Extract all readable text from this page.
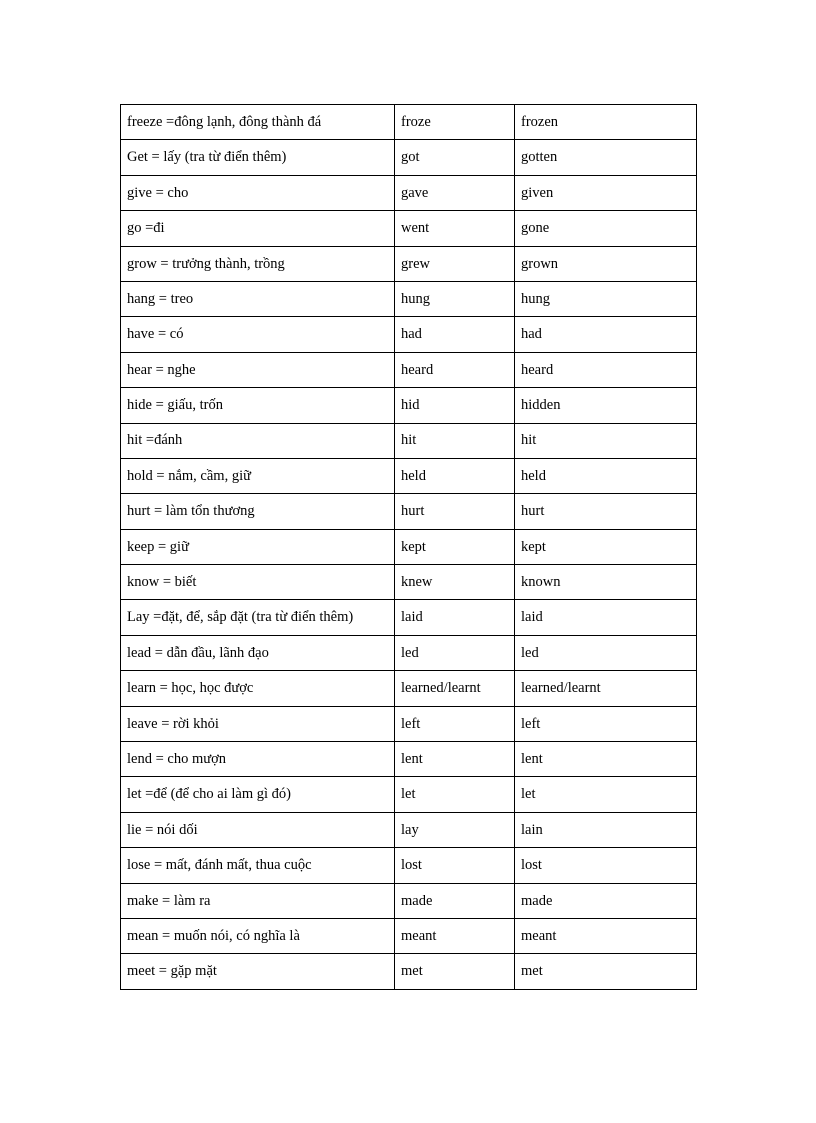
freeze =đông lạnh, đông thành đá	froze	frozen
Get = lấy (tra từ điển thêm)	got	gotten
give = cho	gave	given
go =đi	went	gone
grow = trưởng thành, trồng	grew	grown
hang = treo	hung	hung
have = có	had	had
hear = nghe	heard	heard
hide = giấu, trốn	hid	hidden
hit =đánh	hit	hit
hold = nắm, cầm, giữ	held	held
hurt = làm tổn thương	hurt	hurt
keep = giữ	kept	kept
know = biết	knew	known
Lay =đặt, để, sắp đặt (tra từ điển thêm)	laid	laid
lead = dẫn đầu, lãnh đạo	led	led
learn = học, học được	learned/learnt	learned/learnt
leave = rời khỏi	left	left
lend = cho mượn	lent	lent
let =để (để cho ai làm gì đó)	let	let
lie = nói dối	lay	lain
lose = mất, đánh mất, thua cuộc	lost	lost
make = làm ra	made	made
mean = muốn nói, có nghĩa là	meant	meant
meet = gặp mặt	met	met
